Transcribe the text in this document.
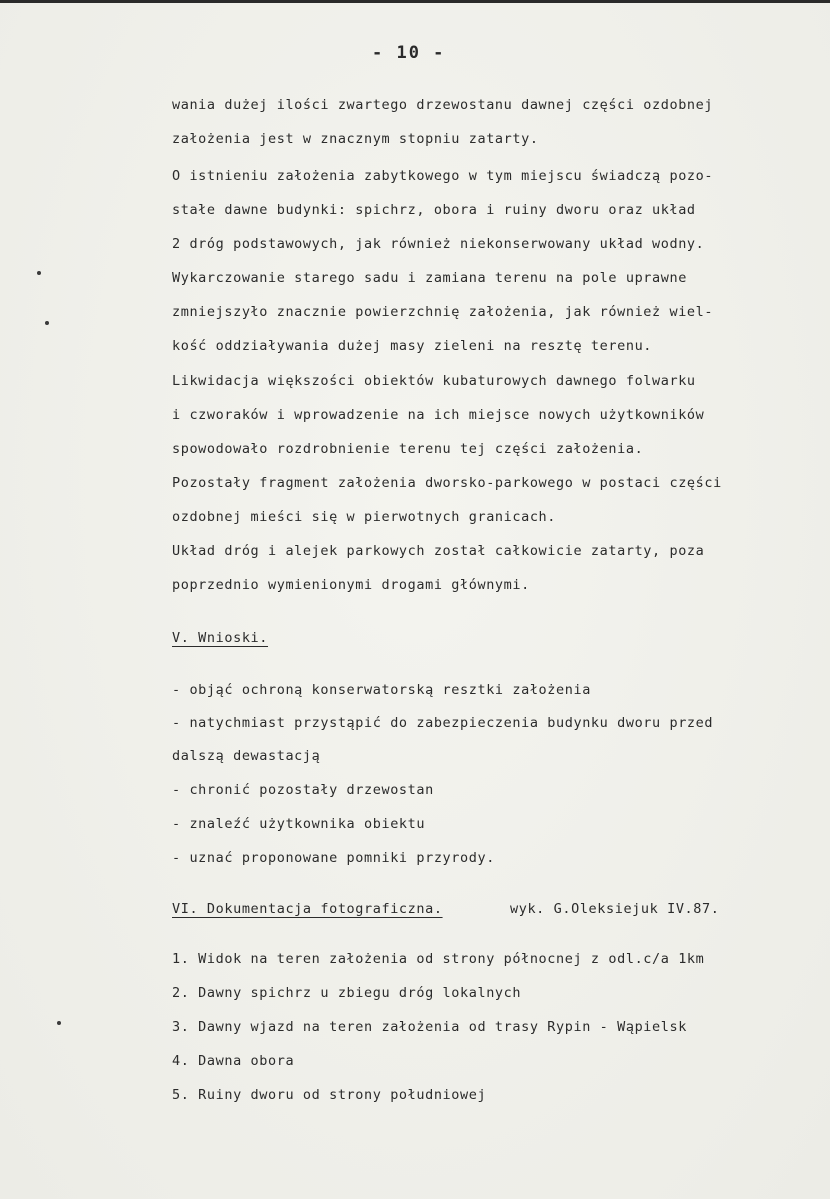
- 10 -
wania dużej ilości zwartego drzewostanu dawnej części ozdobnej
założenia jest w znacznym stopniu zatarty.
O istnieniu założenia zabytkowego w tym miejscu świadczą pozo-
stałe dawne budynki: spichrz, obora i ruiny dworu oraz układ
2 dróg podstawowych, jak również niekonserwowany układ wodny.
Wykarczowanie starego sadu i zamiana terenu na pole uprawne
zmniejszyło znacznie powierzchnię założenia, jak również wiel-
kość oddziaływania dużej masy zieleni na resztę terenu.
Likwidacja większości obiektów kubaturowych dawnego folwarku
i czworaków i wprowadzenie na ich miejsce nowych użytkowników
spowodowało rozdrobnienie terenu tej części założenia.
Pozostały fragment założenia dworsko-parkowego w postaci części
ozdobnej mieści się w pierwotnych granicach.
Układ dróg i alejek parkowych został całkowicie zatarty, poza
poprzednio wymienionymi drogami głównymi.
V. Wnioski.
- objąć ochroną konserwatorską resztki założenia
- natychmiast przystąpić do zabezpieczenia budynku dworu przed
dalszą dewastacją
- chronić pozostały drzewostan
- znaleźć użytkownika obiektu
- uznać proponowane pomniki przyrody.
VI. Dokumentacja fotograficzna.	wyk. G.Oleksiejuk IV.87.
1. Widok na teren założenia od strony północnej z odl.c/a 1km
2. Dawny spichrz u zbiegu dróg lokalnych
3. Dawny wjazd na teren założenia od trasy Rypin - Wąpielsk
4. Dawna obora
5. Ruiny dworu od strony południowej
